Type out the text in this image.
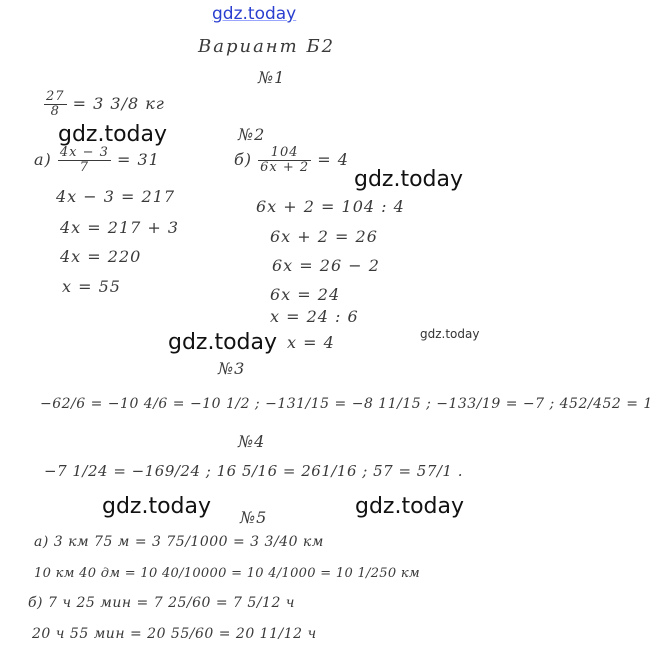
gdz.today
gdz.today
gdz.today
gdz.today
gdz.today
gdz.today	gdz.today
Вариант Б2
№1
$\frac{27}{8} = 3$ 3/8 кг
$а) \frac{4x - 3}{7} = 31$
4x − 3 = 217
4x = 217 + 3
4x = 220
x = 55
№2
$б) \frac{104}{6x + 2} = 4$
6x + 2 = 104 : 4
6x + 2 = 26
6x = 26 − 2
6x = 24
x = 24 : 6
x = 4
№3
−62/6 = −10 4/6 = −10 1/2 ; −131/15 = −8 11/15 ; −133/19 = −7 ; 452/452 = 1
№4
−7 1/24 = −169/24 ; 16 5/16 = 261/16 ; 57 = 57/1 .
№5
а) 3 км 75 м = 3 75/1000 = 3 3/40 км
10 км 40 дм = 10 40/10000 = 10 4/1000 = 10 1/250 км
б) 7 ч 25 мин = 7 25/60 = 7 5/12 ч
20 ч 55 мин = 20 55/60 = 20 11/12 ч
